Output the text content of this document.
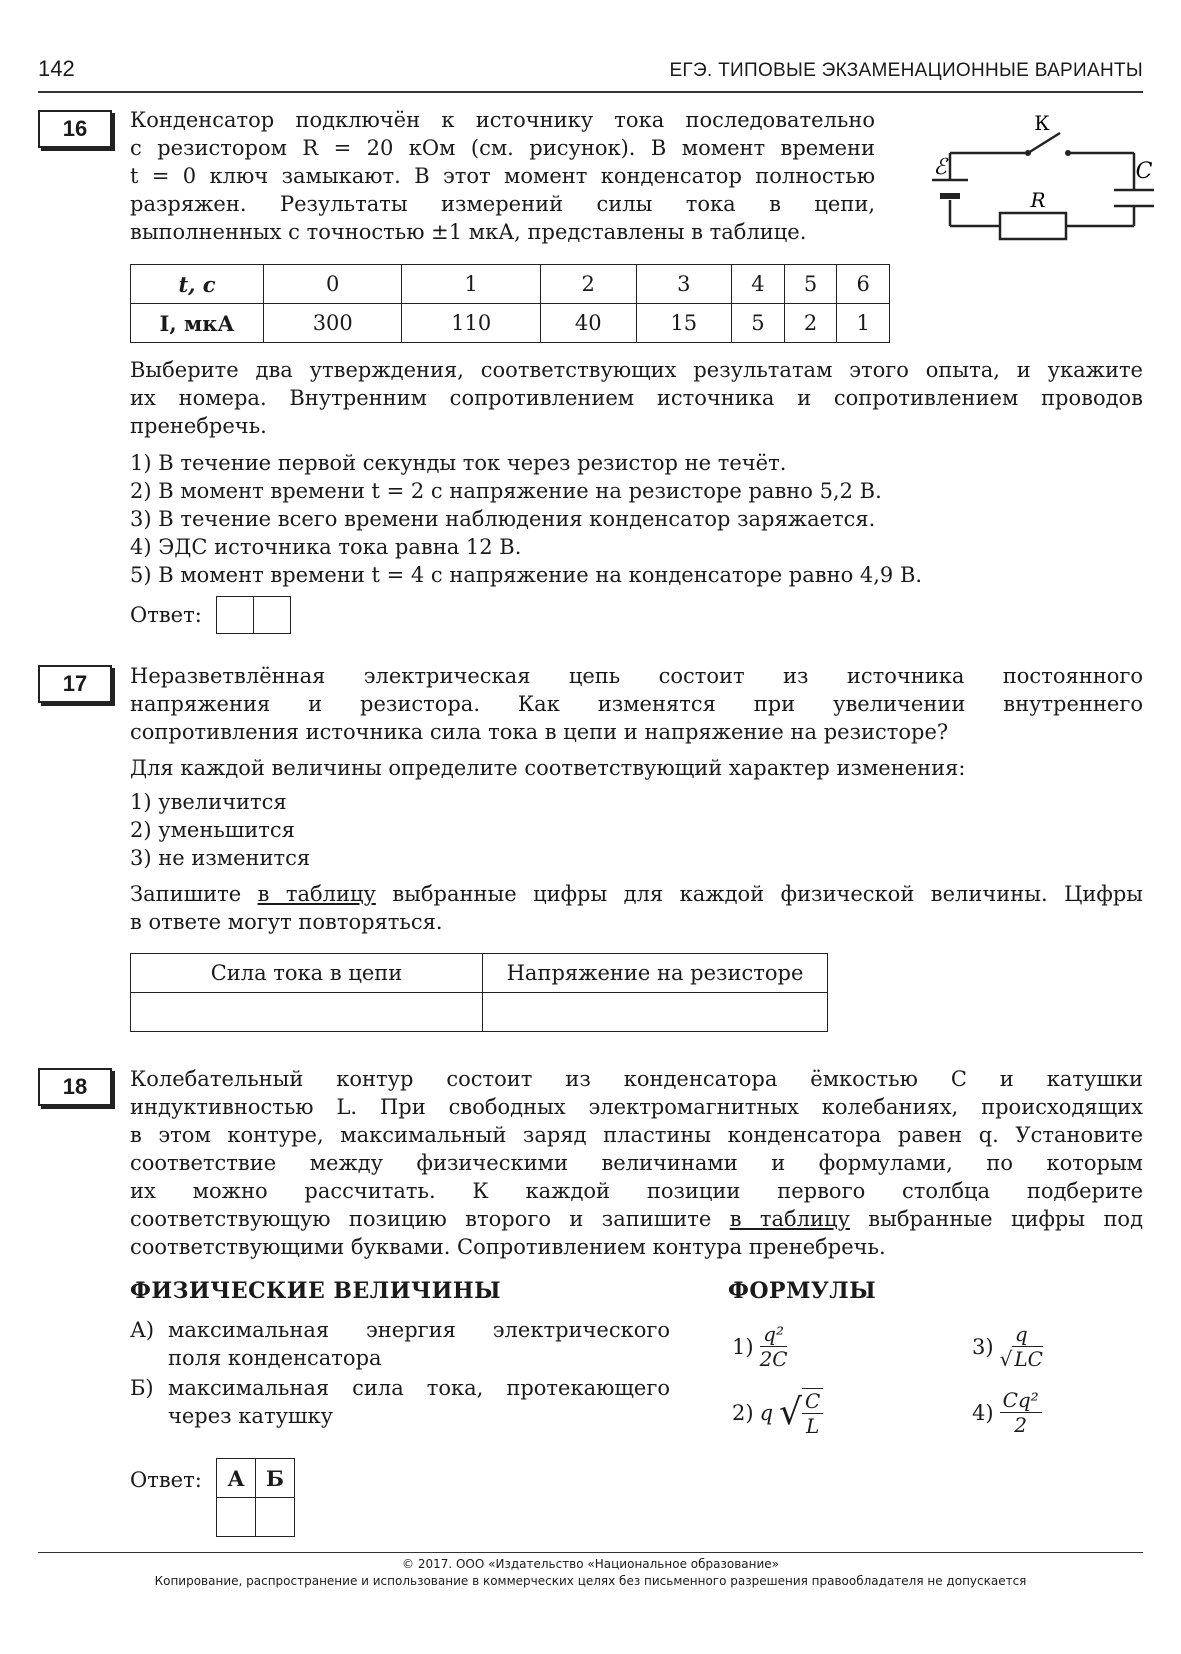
142	ЕГЭ. ТИПОВЫЕ ЭКЗАМЕНАЦИОННЫЕ ВАРИАНТЫ
16	Конденсатор подключён к источнику тока последовательно

с резистором R = 20 кОм (см. рисунок). В момент времени

t = 0 ключ замыкают. В этот момент конденсатор полностью

разряжен. Результаты измерений силы тока в цепи,

выполненных с точностью ±1 мкА, представлены в таблице.

К
ℰ	C
R
t, с	0	1	2	3	4	5	6
I, мкА	300	110	40	15	5	2	1

Выберите два утверждения, соответствующих результатам этого опыта, и укажите

их номера. Внутренним сопротивлением источника и сопротивлением проводов

пренебречь.

1) В течение первой секунды ток через резистор не течёт.

2) В момент времени t = 2 с напряжение на резисторе равно 5,2 В.

3) В течение всего времени наблюдения конденсатор заряжается.

4) ЭДС источника тока равна 12 В.

5) В момент времени t = 4 с напряжение на конденсаторе равно 4,9 В.

Ответ:
17	Неразветвлённая электрическая цепь состоит из источника постоянного

напряжения и резистора. Как изменятся при увеличении внутреннего

сопротивления источника сила тока в цепи и напряжение на резисторе?

Для каждой величины определите соответствующий характер изменения:

1) увеличится

2) уменьшится

3) не изменится

Запишите в таблицу выбранные цифры для каждой физической величины. Цифры

в ответе могут повторяться.

Сила тока в цепи	Напряжение на резисторе

18	Колебательный контур состоит из конденсатора ёмкостью C и катушки

индуктивностью L. При свободных электромагнитных колебаниях, происходящих

в этом контуре, максимальный заряд пластины конденсатора равен q. Установите

соответствие между физическими величинами и формулами, по которым

их можно рассчитать. К каждой позиции первого столбца подберите

соответствующую позицию второго и запишите в таблицу выбранные цифры под

соответствующими буквами. Сопротивлением контура пренебречь.

ФИЗИЧЕСКИЕ ВЕЛИЧИНЫ	ФОРМУЛЫ
А) максимальная энергия электрического
поля конденсатора
Б) максимальная сила тока, протекающего
через катушку
$1) \frac{\text{q²}}{2C}$	$3) \frac{q}{√ LC}$
2) q √ $\frac{C}{L}$	$4) \frac{\text{Cq²}}{2}$
Ответ: А	Б

© 2017. ООО «Издательство «Национальное образование»
Копирование, распространение и использование в коммерческих целях без письменного разрешения правообладателя не допускается
